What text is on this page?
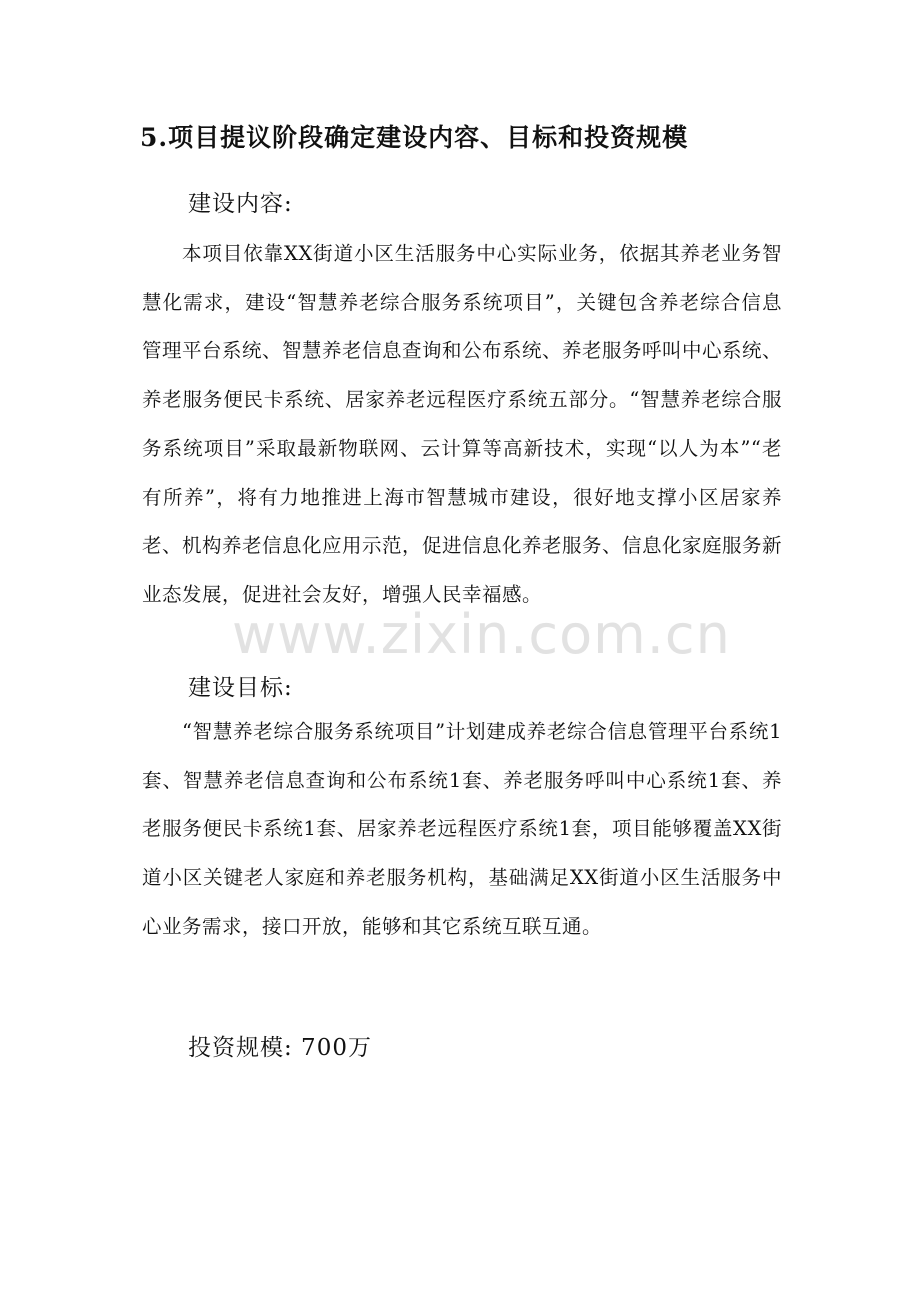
www.zixin.com.cn
5.项目提议阶段确定建设内容、目标和投资规模
建设内容:
本项目依靠XX街道小区生活服务中心实际业务，依据其养老业务智慧化需求，建设“智慧养老综合服务系统项目”，关键包含养老综合信息管理平台系统、智慧养老信息查询和公布系统、养老服务呼叫中心系统、养老服务便民卡系统、居家养老远程医疗系统五部分。“智慧养老综合服务系统项目”采取最新物联网、云计算等高新技术，实现“以人为本”“老有所养”，将有力地推进上海市智慧城市建设，很好地支撑小区居家养老、机构养老信息化应用示范，促进信息化养老服务、信息化家庭服务新业态发展，促进社会友好，增强人民幸福感。
建设目标:
“智慧养老综合服务系统项目”计划建成养老综合信息管理平台系统1套、智慧养老信息查询和公布系统1套、养老服务呼叫中心系统1套、养老服务便民卡系统1套、居家养老远程医疗系统1套，项目能够覆盖XX街道小区关键老人家庭和养老服务机构，基础满足XX街道小区生活服务中心业务需求，接口开放，能够和其它系统互联互通。
投资规模: 700万
